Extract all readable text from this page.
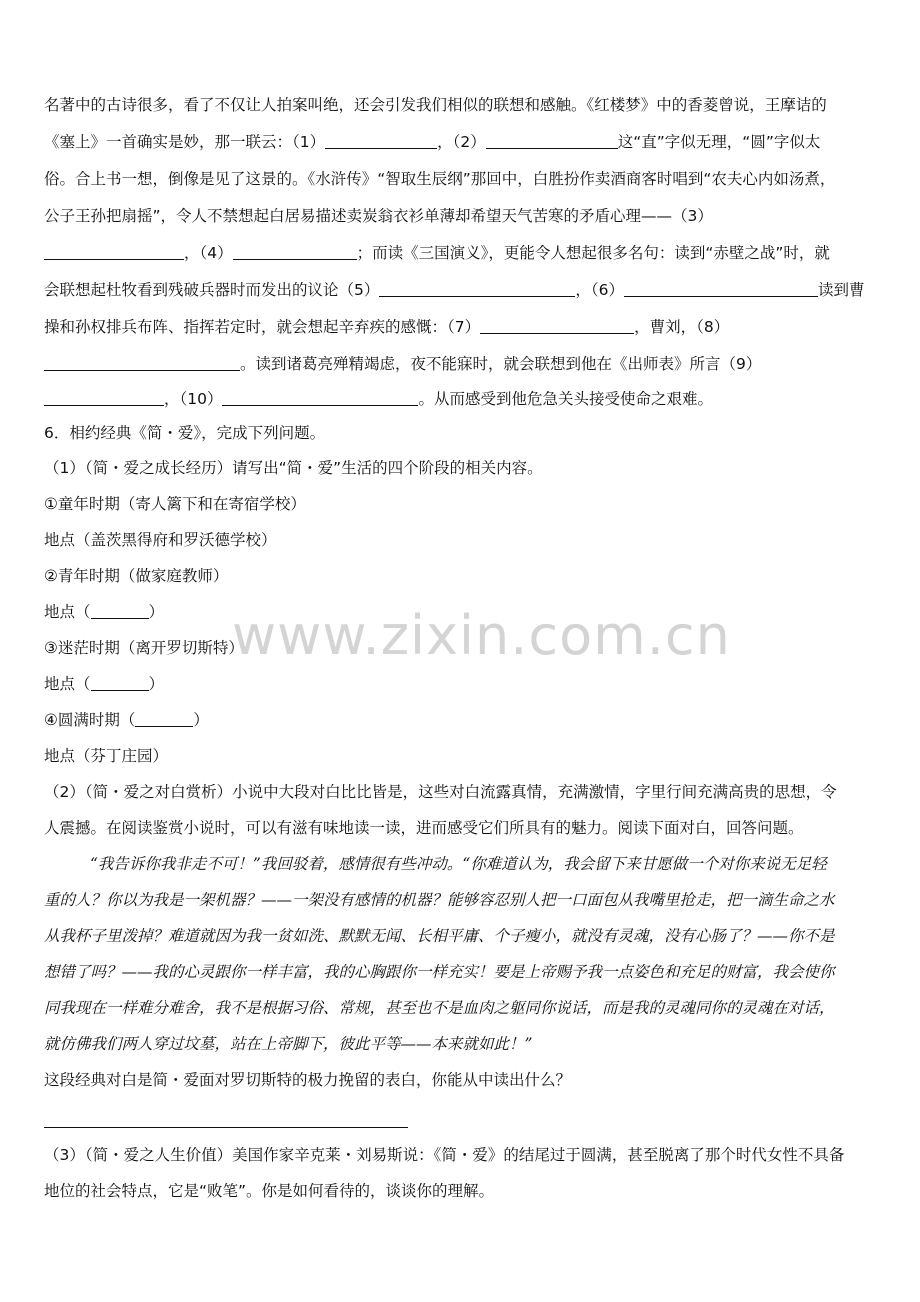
www.zixin.com.cn
名著中的古诗很多，看了不仅让人拍案叫绝，还会引发我们相似的联想和感触。《红楼梦》中的香菱曾说，王摩诘的
《塞上》一首确实是妙，那一联云：（1）	，（2）	这“直”字似无理，“圆”字似太
俗。合上书一想，倒像是见了这景的。《水浒传》“智取生辰纲”那回中，白胜扮作卖酒商客时唱到“农夫心内如汤煮，
公子王孙把扇摇”，令人不禁想起白居易描述卖炭翁衣衫单薄却希望天气苦寒的矛盾心理——（3）
，（4）	；而读《三国演义》，更能令人想起很多名句：读到“赤壁之战”时，就
会联想起杜牧看到残破兵器时而发出的议论（5）	，（6）	读到曹
操和孙权排兵布阵、指挥若定时，就会想起辛弃疾的感慨：（7）	，曹刘，（8）
。读到诸葛亮殚精竭虑，夜不能寐时，就会联想到他在《出师表》所言（9）
，（10）	。从而感受到他危急关头接受使命之艰难。
6．相约经典《简・爱》，完成下列问题。
（1）（简・爱之成长经历）请写出“简・爱”生活的四个阶段的相关内容。
①童年时期（寄人篱下和在寄宿学校）
地点（盖茨黑得府和罗沃德学校）
②青年时期（做家庭教师）
地点（	）
③迷茫时期（离开罗切斯特）
地点（	）
④圆满时期（	）
地点（芬丁庄园）
（2）（简・爱之对白赏析）小说中大段对白比比皆是，这些对白流露真情，充满激情，字里行间充满高贵的思想，令
人震撼。在阅读鉴赏小说时，可以有滋有味地读一读，进而感受它们所具有的魅力。阅读下面对白，回答问题。
“我告诉你我非走不可！”我回驳着，感情很有些冲动。“你难道认为，我会留下来甘愿做一个对你来说无足轻
重的人？你以为我是一架机器？——一架没有感情的机器？能够容忍别人把一口面包从我嘴里抢走，把一滴生命之水
从我杯子里泼掉？难道就因为我一贫如洗、默默无闻、长相平庸、个子瘦小，就没有灵魂，没有心肠了？——你不是
想错了吗？——我的心灵跟你一样丰富，我的心胸跟你一样充实！要是上帝赐予我一点姿色和充足的财富，我会使你
同我现在一样难分难舍，我不是根据习俗、常规，甚至也不是血肉之躯同你说话，而是我的灵魂同你的灵魂在对话，
就仿佛我们两人穿过坟墓，站在上帝脚下，彼此平等——本来就如此！”
这段经典对白是简・爱面对罗切斯特的极力挽留的表白，你能从中读出什么？
（3）（简・爱之人生价值）美国作家辛克莱・刘易斯说：《简・爱》的结尾过于圆满，甚至脱离了那个时代女性不具备
地位的社会特点，它是“败笔”。你是如何看待的，谈谈你的理解。
